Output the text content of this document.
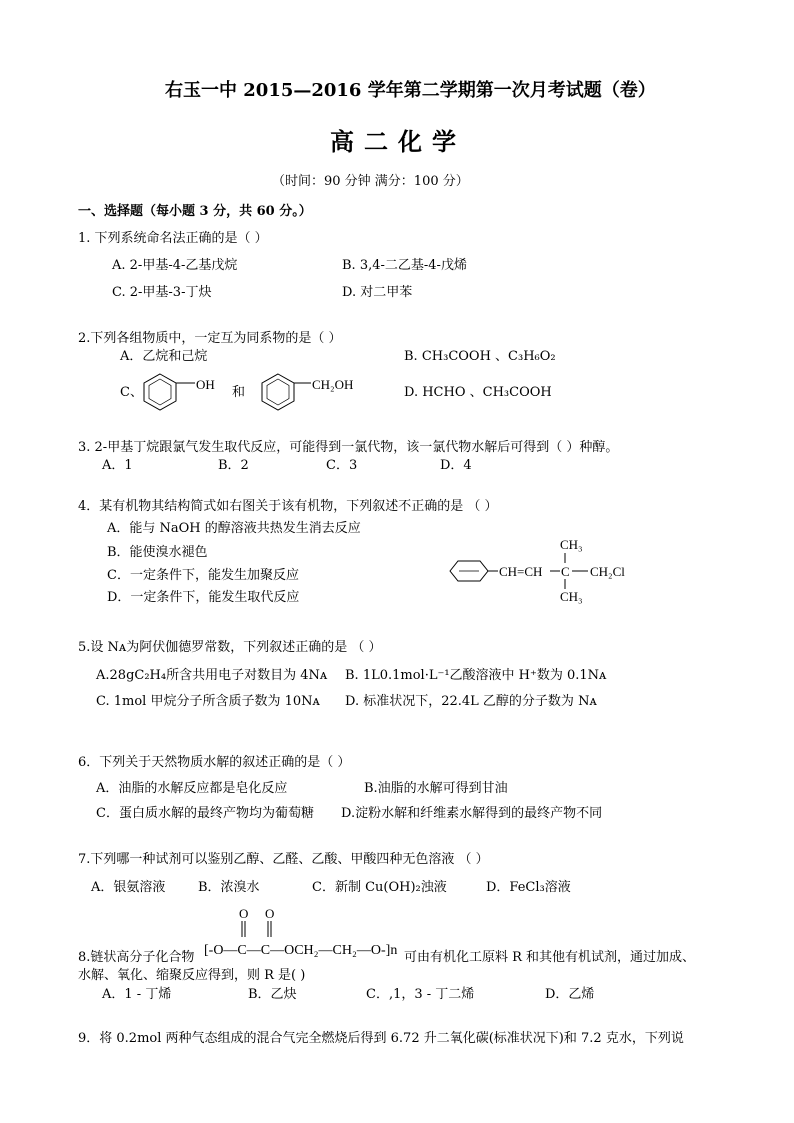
右玉一中 2015—2016 学年第二学期第一次月考试题（卷）
高二化学
（时间：90 分钟 满分：100 分）
一、选择题（每小题 3 分，共 60 分。）
1. 下列系统命名法正确的是（ ）
A. 2-甲基-4-乙基戊烷	B. 3,4-二乙基-4-戊烯
C. 2-甲基-3-丁炔	D. 对二甲苯
2.下列各组物质中，一定互为同系物的是（ ）
A．乙烷和己烷	B. CH₃COOH 、C₃H₆O₂
C、
OH
和
CH₂OH
D. HCHO 、CH₃COOH
3. 2-甲基丁烷跟氯气发生取代反应，可能得到一氯代物，该一氯代物水解后可得到（ ）种醇。
A．1	B．2	C．3	D．4
4．某有机物其结构简式如右图关于该有机物，下列叙述不正确的是 （ ）
A．能与 NaOH 的醇溶液共热发生消去反应
B．能使溴水褪色
C．一定条件下，能发生加聚反应
D．一定条件下，能发生取代反应
CH=CH C
CH₃
CH₃
CH₂Cl
5.设 Nᴀ为阿伏伽德罗常数，下列叙述正确的是 （ ）
A.28gC₂H₄所含共用电子对数目为 4Nᴀ B. 1L0.1mol·L⁻¹乙酸溶液中 H⁺数为 0.1Nᴀ
C. 1mol 甲烷分子所含质子数为 10Nᴀ D. 标准状况下，22.4L 乙醇的分子数为 Nᴀ
6．下列关于天然物质水解的叙述正确的是（ ）
A．油脂的水解反应都是皂化反应	B.油脂的水解可得到甘油
C．蛋白质水解的最终产物均为葡萄糖 D.淀粉水解和纤维素水解得到的最终产物不同
7.下列哪一种试剂可以鉴别乙醇、乙醛、乙酸、甲酸四种无色溶液 （ ）
A．银氨溶液	B．浓溴水	C．新制 Cu(OH)₂浊液	D．FeCl₃溶液
8.链状高分子化合物
O O
[-O—C—C—OCH₂—CH₂—O-]n 可由有机化工原料 R 和其他有机试剂，通过加成、
水解、氧化、缩聚反应得到，则 R 是( )
A．1 - 丁烯	B．乙炔	C．,1，3 - 丁二烯	D．乙烯
9．将 0.2mol 两种气态组成的混合气完全燃烧后得到 6.72 升二氧化碳(标准状况下)和 7.2 克水，下列说
